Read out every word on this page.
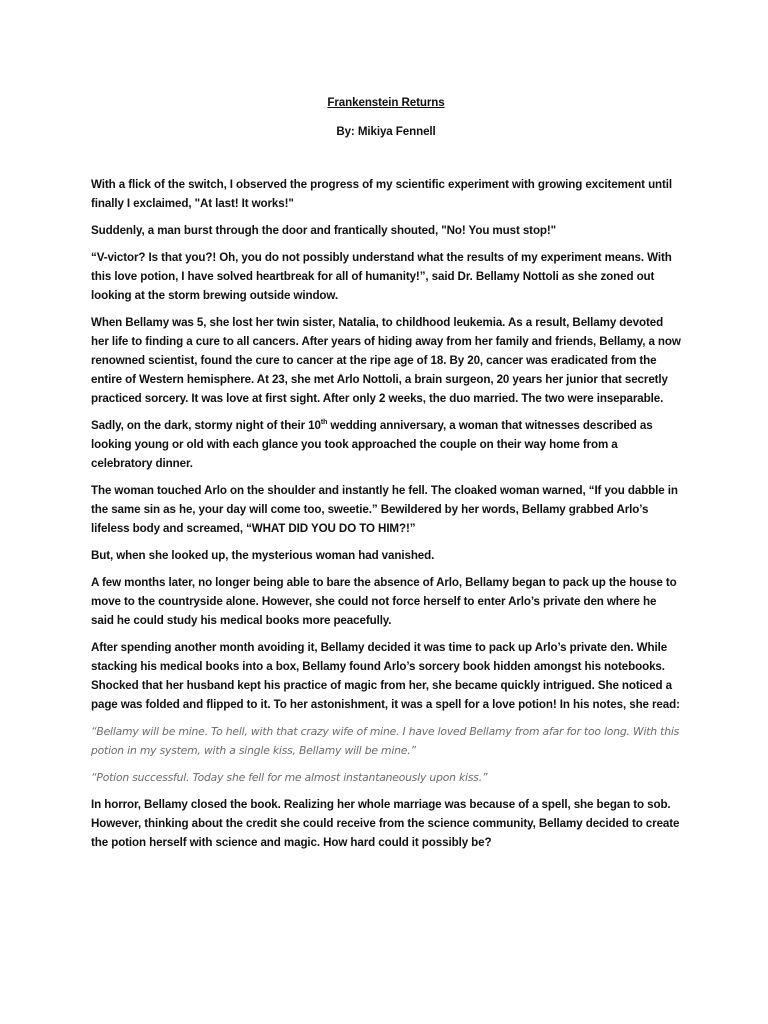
Frankenstein Returns

By: Mikiya Fennell

With a flick of the switch, I observed the progress of my scientific experiment with growing excitement until finally I exclaimed, "At last! It works!"

Suddenly, a man burst through the door and frantically shouted, "No! You must stop!"

“V-victor? Is that you?! Oh, you do not possibly understand what the results of my experiment means. With this love potion, I have solved heartbreak for all of humanity!”, said Dr. Bellamy Nottoli as she zoned out looking at the storm brewing outside window.

When Bellamy was 5, she lost her twin sister, Natalia, to childhood leukemia. As a result, Bellamy devoted her life to finding a cure to all cancers. After years of hiding away from her family and friends, Bellamy, a now renowned scientist, found the cure to cancer at the ripe age of 18. By 20, cancer was eradicated from the entire of Western hemisphere. At 23, she met Arlo Nottoli, a brain surgeon, 20 years her junior that secretly practiced sorcery. It was love at first sight. After only 2 weeks, the duo married. The two were inseparable.

Sadly, on the dark, stormy night of their 10th wedding anniversary, a woman that witnesses described as looking young or old with each glance you took approached the couple on their way home from a celebratory dinner.

The woman touched Arlo on the shoulder and instantly he fell. The cloaked woman warned, “If you dabble in the same sin as he, your day will come too, sweetie.” Bewildered by her words, Bellamy grabbed Arlo’s lifeless body and screamed, “WHAT DID YOU DO TO HIM?!”

But, when she looked up, the mysterious woman had vanished.

A few months later, no longer being able to bare the absence of Arlo, Bellamy began to pack up the house to move to the countryside alone. However, she could not force herself to enter Arlo’s private den where he said he could study his medical books more peacefully.

After spending another month avoiding it, Bellamy decided it was time to pack up Arlo’s private den. While stacking his medical books into a box, Bellamy found Arlo’s sorcery book hidden amongst his notebooks. Shocked that her husband kept his practice of magic from her, she became quickly intrigued. She noticed a page was folded and flipped to it. To her astonishment, it was a spell for a love potion! In his notes, she read:

“Bellamy will be mine. To hell, with that crazy wife of mine. I have loved Bellamy from afar for too long. With this potion in my system, with a single kiss, Bellamy will be mine.”

“Potion successful. Today she fell for me almost instantaneously upon kiss.”

In horror, Bellamy closed the book. Realizing her whole marriage was because of a spell, she began to sob. However, thinking about the credit she could receive from the science community, Bellamy decided to create the potion herself with science and magic. How hard could it possibly be?
